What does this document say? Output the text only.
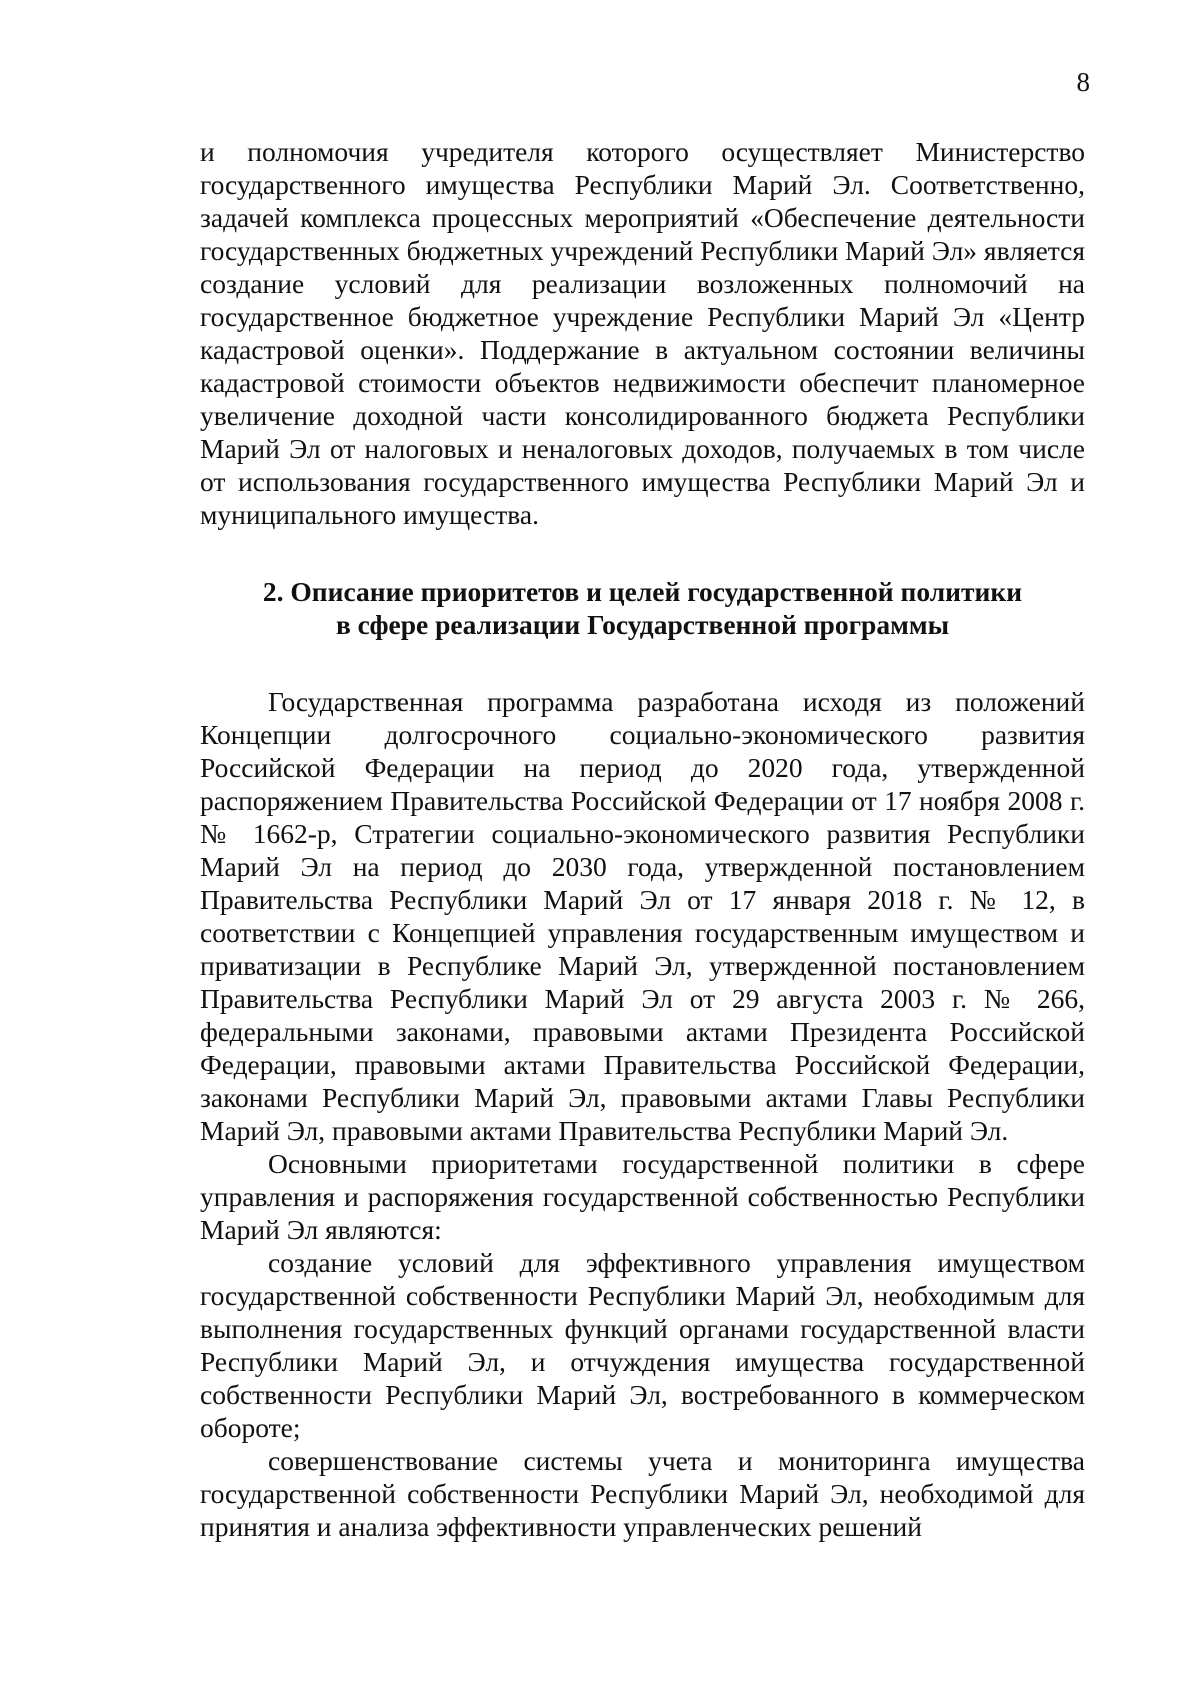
8

и полномочия учредителя которого осуществляет Министерство государственного имущества Республики Марий Эл. Соответственно, задачей комплекса процессных мероприятий «Обеспечение деятельности государственных бюджетных учреждений Республики Марий Эл» является создание условий для реализации возложенных полномочий на государственное бюджетное учреждение Республики Марий Эл «Центр кадастровой оценки». Поддержание в актуальном состоянии величины кадастровой стоимости объектов недвижимости обеспечит планомерное увеличение доходной части консолидированного бюджета Республики Марий Эл от налоговых и неналоговых доходов, получаемых в том числе от использования государственного имущества Республики Марий Эл и муниципального имущества.

2. Описание приоритетов и целей государственной политики
в сфере реализации Государственной программы

Государственная программа разработана исходя из положений Концепции долгосрочного социально-экономического развития Российской Федерации на период до 2020 года, утвержденной распоряжением Правительства Российской Федерации от 17 ноября 2008 г. № 1662-р, Стратегии социально-экономического развития Республики Марий Эл на период до 2030 года, утвержденной постановлением Правительства Республики Марий Эл от 17 января 2018 г. № 12, в соответствии с Концепцией управления государственным имуществом и приватизации в Республике Марий Эл, утвержденной постановлением Правительства Республики Марий Эл от 29 августа 2003 г. № 266, федеральными законами, правовыми актами Президента Российской Федерации, правовыми актами Правительства Российской Федерации, законами Республики Марий Эл, правовыми актами Главы Республики Марий Эл, правовыми актами Правительства Республики Марий Эл.

Основными приоритетами государственной политики в сфере управления и распоряжения государственной собственностью Республики Марий Эл являются:

создание условий для эффективного управления имуществом государственной собственности Республики Марий Эл, необходимым для выполнения государственных функций органами государственной власти Республики Марий Эл, и отчуждения имущества государственной собственности Республики Марий Эл, востребованного в коммерческом обороте;

совершенствование системы учета и мониторинга имущества государственной собственности Республики Марий Эл, необходимой для принятия и анализа эффективности управленческих решений
